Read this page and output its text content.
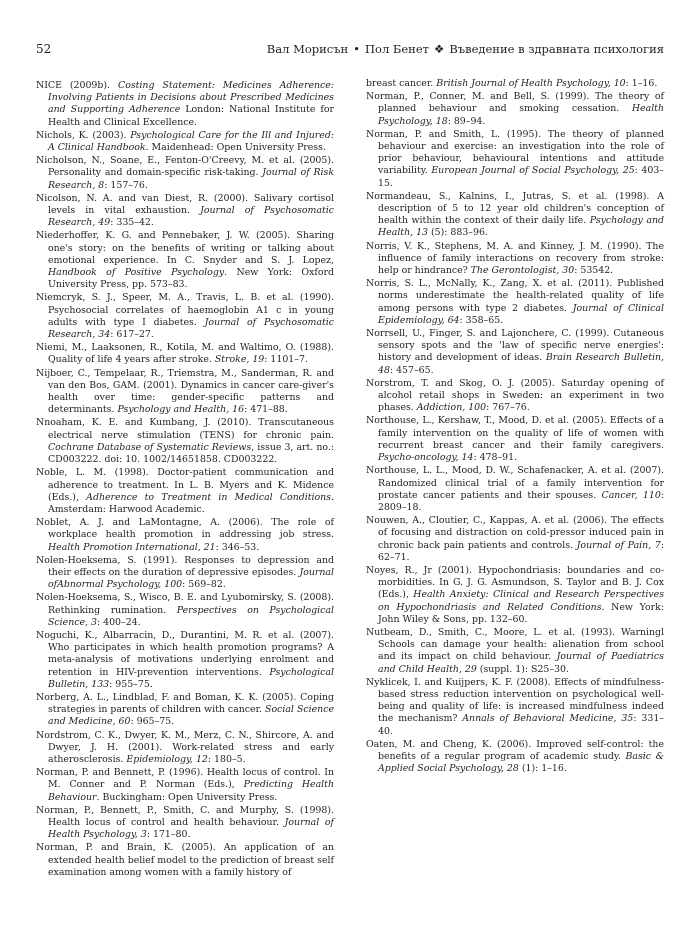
52	Вал Морисън • Пол Бенет ❖ Въведение в здравната психология

NICE (2009b). Costing Statement: Medicines Adherence: Involving Patients in Decisions about Prescribed Medicines and Supporting Adherence London: National Institute for Health and Clinical Excellence.

Nichols, K. (2003). Psychological Care for the Ill and Injured: A Clinical Handbook. Maidenhead: Open University Press.

Nicholson, N., Soane, E., Fenton-O'Creevy, M. et al. (2005). Personality and domain-specific risk-taking. Journal of Risk Research, 8: 157–76.

Nicolson, N. A. and van Diest, R. (2000). Salivary cortisol levels in vital exhaustion. Journal of Psychosomatic Research, 49: 335–42.

Niederhoffer, K. G. and Pennebaker, J. W. (2005). Sharing one's story: on the benefits of writing or talking about emotional experience. In C. Snyder and S. J. Lopez, Handbook of Positive Psychology. New York: Oxford University Press, pp. 573–83.

Niemcryk, S. J., Speer, M. A., Travis, L. B. et al. (1990). Psychosocial correlates of haemoglobin A1 c in young adults with type I diabetes. Journal of Psychosomatic Research, 34: 617–27.

Niemi, M., Laaksonen, R., Kotila, M. and Waltimo, O. (1988). Quality of life 4 years after stroke. Stroke, 19: 1101–7.

Nijboer, C., Tempelaar, R., Triemstra, M., Sanderman, R. and van den Bos, GAM. (2001). Dynamics in cancer care-giver's health over time: gender-specific patterns and determinants. Psychology and Health, 16: 471–88.

Nnoaham, K. E. and Kumbang, J. (2010). Transcutaneous electrical nerve stimulation (TENS) for chronic pain. Cochrane Database of Systematic Reviews, issue 3, art. no.: CD003222. doi: 10. 1002/14651858. CD003222.

Noble, L. M. (1998). Doctor-patient communication and adherence to treatment. In L. B. Myers and K. Midence (Eds.), Adherence to Treatment in Medical Conditions. Amsterdam: Harwood Academic.

Noblet, A. J. and LaMontagne, A. (2006). The role of workplace health promotion in addressing job stress. Health Promotion International, 21: 346–53.

Nolen-Hoeksema, S. (1991). Responses to depression and their effects on the duration of depressive episodes. Journal ofAbnormal Psychology, 100: 569–82.

Nolen-Hoeksema, S., Wisco, B. E. and Lyubomirsky, S. (2008). Rethinking rumination. Perspectives on Psychological Science, 3: 400–24.

Noguchi, K., Albarracin, D., Durantini, M. R. et al. (2007). Who participates in which health promotion programs? A meta-analysis of motivations underlying enrolment and retention in HIV-prevention interventions. Psychological Bulletin, 133: 955–75.

Norberg, A. L., Lindblad, F. and Boman, K. K. (2005). Coping strategies in parents of children with cancer. Social Science and Medicine, 60: 965–75.

Nordstrom, C. K., Dwyer, K. M., Merz, C. N., Shircore, A. and Dwyer, J. H. (2001). Work-related stress and early atherosclerosis. Epidemiology, 12: 180–5.

Norman, P. and Bennett, P. (1996). Health locus of control. In M. Conner and P. Norman (Eds.), Predicting Health Behaviour. Buckingham: Open University Press.

Norman, P., Bennett, P., Smith, C. and Murphy, S. (1998). Health locus of control and health behaviour. Journal of Health Psychology, 3: 171–80.

Norman, P. and Brain, K. (2005). An application of an extended health belief model to the prediction of breast self examination among women with a family history of

breast cancer. British Journal of Health Psychology, 10: 1–16.

Norman, P., Conner, M. and Bell, S. (1999). The theory of planned behaviour and smoking cessation. Health Psychology, 18: 89–94.

Norman, P. and Smith, L. (1995). The theory of planned behaviour and exercise: an investigation into the role of prior behaviour, behavioural intentions and attitude variability. European Journal of Social Psychology, 25: 403–15.

Normandeau, S., Kalnins, I., Jutras, S. et al. (1998). A description of 5 to 12 year old children's conception of health within the context of their daily life. Psychology and Health, 13 (5): 883–96.

Norris, V. K., Stephens, M. A. and Kinney, J. M. (1990). The influence of family interactions on recovery from stroke: help or hindrance? The Gerontologist, 30: 53542.

Norris, S. L., McNally, K., Zang, X. et al. (2011). Published norms underestimate the health-related quality of life among persons with type 2 diabetes. Journal of Clinical Epidemiology, 64: 358–65.

Norrsell, U., Finger, S. and Lajonchere, C. (1999). Cutaneous sensory spots and the 'law of specific nerve energies': history and development of ideas. Brain Research Bulletin, 48: 457–65.

Norstrom, T. and Skog, O. J. (2005). Saturday opening of alcohol retail shops in Sweden: an experiment in two phases. Addiction, 100: 767–76.

Northouse, L., Kershaw, T., Mood, D. et al. (2005). Effects of a family intervention on the quality of life of women with recurrent breast cancer and their family caregivers. Psycho-oncology, 14: 478–91.

Northouse, L. L., Mood, D. W., Schafenacker, A. et al. (2007). Randomized clinical trial of a family intervention for prostate cancer patients and their spouses. Cancer, 110: 2809–18.

Nouwen, A., Cloutier, C., Kappas, A. et al. (2006). The effects of focusing and distraction on cold-pressor induced pain in chronic back pain patients and controls. Journal of Pain, 7: 62–71.

Noyes, R., Jr (2001). Hypochondriasis: boundaries and co-morbidities. In G. J. G. Asmundson, S. Taylor and B. J. Cox (Eds.), Health Anxiety: Clinical and Research Perspectives on Hypochondriasis and Related Conditions. New York: John Wiley & Sons, pp. 132–60.

Nutbeam, D., Smith, C., Moore, L. et al. (1993). Warningl Schools can damage your health: alienation from school and its impact on child behaviour. Journal of Paediatrics and Child Health, 29 (suppl. 1): S25–30.

Nyklicek, I. and Kuijpers, K. F. (2008). Effects of mindfulness- based stress reduction intervention on psychological well-being and quality of life: is increased mindfulness indeed the mechanism? Annals of Behavioral Medicine, 35: 331–40.

Oaten, M. and Cheng, K. (2006). Improved self-control: the benefits of a regular program of academic study. Basic & Applied Social Psychology, 28 (1): 1–16.
